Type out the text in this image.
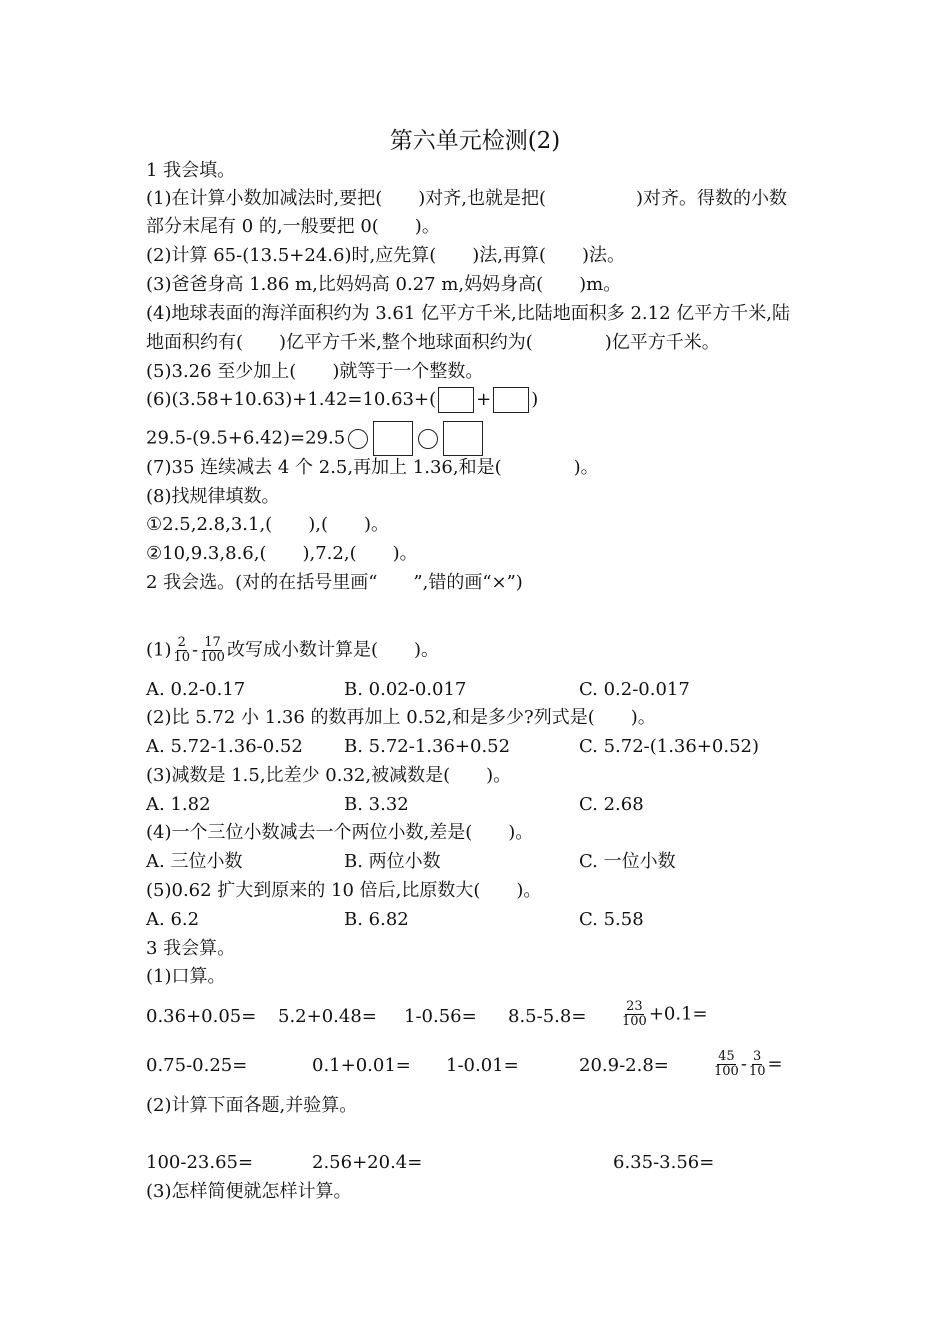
第六单元检测(2)
1 我会填。
(1)在计算小数加减法时,要把(　　)对齐,也就是把(　　　　　)对齐。得数的小数
部分末尾有 0 的,一般要把 0(　　)。
(2)计算 65-(13.5+24.6)时,应先算(　　)法,再算(　　)法。
(3)爸爸身高 1.86 m,比妈妈高 0.27 m,妈妈身高(　　)m。
(4)地球表面的海洋面积约为 3.61 亿平方千米,比陆地面积多 2.12 亿平方千米,陆
地面积约有(　　)亿平方千米,整个地球面积约为(　　　　)亿平方千米。
(5)3.26 至少加上(　　)就等于一个整数。
(6)(3.58+10.63)+1.42=10.63+( + )
29.5-(9.5+6.42)=29.5
(7)35 连续减去 4 个 2.5,再加上 1.36,和是(　　　　)。
(8)找规律填数。
①2.5,2.8,3.1,(　　),(　　)。
②10,9.3,8.6,(　　),7.2,(　　)。
2 我会选。(对的在括号里画“　　”,错的画“×”)
$(1) \frac{2}{10} - \frac{17}{100}$ 改写成小数计算是(　　)。
A. 0.2-0.17	B. 0.02-0.017	C. 0.2-0.017
(2)比 5.72 小 1.36 的数再加上 0.52,和是多少?列式是(　　)。
A. 5.72-1.36-0.52 B. 5.72-1.36+0.52	C. 5.72-(1.36+0.52)
(3)减数是 1.5,比差少 0.32,被减数是(　　)。
A. 1.82	B. 3.32	C. 2.68
(4)一个三位小数减去一个两位小数,差是(　　)。
A. 三位小数	B. 两位小数	C. 一位小数
(5)0.62 扩大到原来的 10 倍后,比原数大(　　)。
A. 6.2	B. 6.82	C. 5.58
3 我会算。
(1)口算。
0.36+0.05= 5.2+0.48= 1-0.56= 8.5-5.8=	$\frac{23}{100} +0.1=$
0.75-0.25=	0.1+0.01= 1-0.01=	20.9-2.8=	$\frac{45}{100} - \frac{3}{10}$ =
(2)计算下面各题,并验算。
100-23.65=	2.56+20.4=	6.35-3.56=
(3)怎样简便就怎样计算。
